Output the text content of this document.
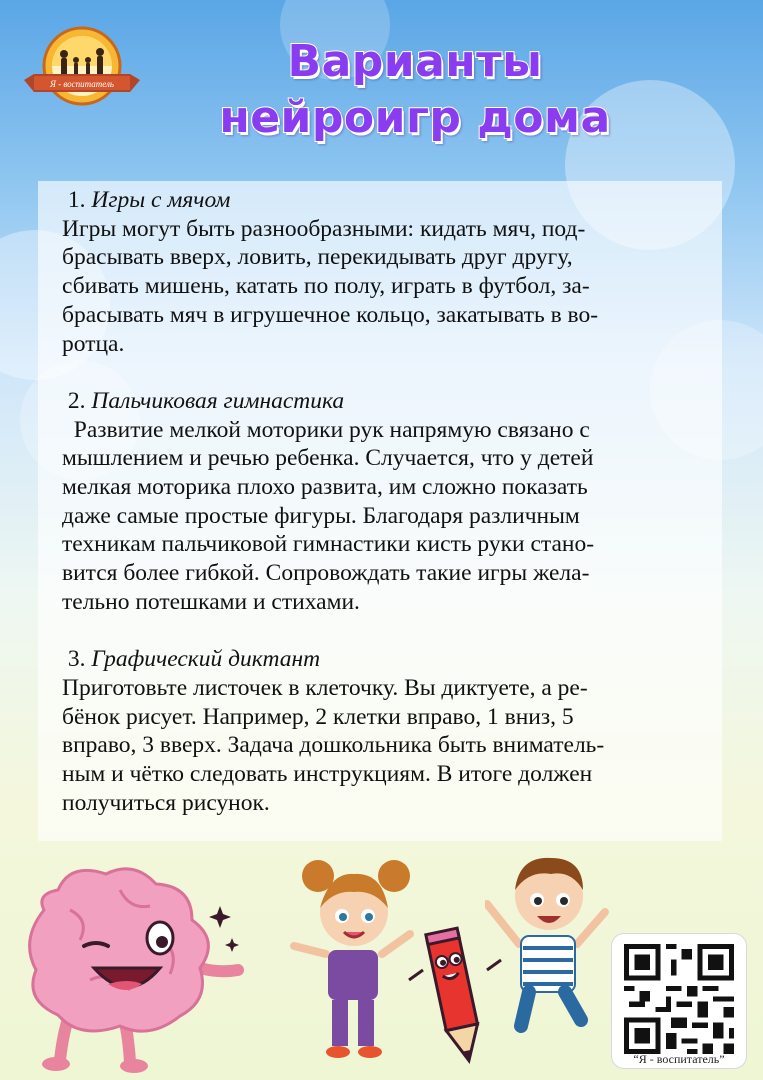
Я - воспитатель	Варианты
нейроигр дома

1. Игры с мячом

Игры могут быть разнообразными: кидать мяч, под-

брасывать вверх, ловить, перекидывать друг другу,

сбивать мишень, катать по полу, играть в футбол, за-

брасывать мяч в игрушечное кольцо, закатывать в во-

ротца.

2. Пальчиковая гимнастика

Развитие мелкой моторики рук напрямую связано с

мышлением и речью ребенка. Случается, что у детей

мелкая моторика плохо развита, им сложно показать

даже самые простые фигуры. Благодаря различным

техникам пальчиковой гимнастики кисть руки стано-

вится более гибкой. Сопровождать такие игры жела-

тельно потешками и стихами.

3. Графический диктант

Приготовьте листочек в клеточку. Вы диктуете, а ре-

бёнок рисует. Например, 2 клетки вправо, 1 вниз, 5

вправо, 3 вверх. Задача дошкольника быть вниматель-

ным и чётко следовать инструкциям. В итоге должен

получиться рисунок.

“Я - воспитатель”
